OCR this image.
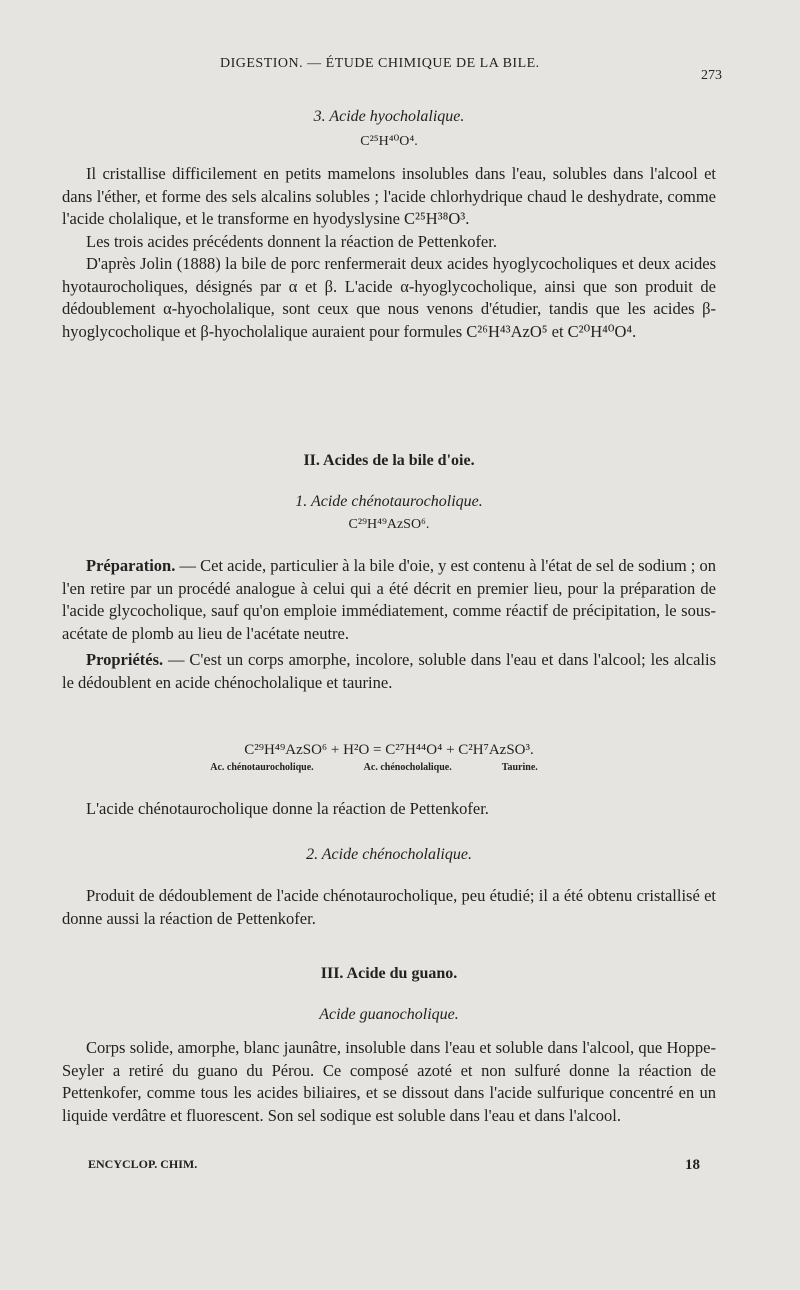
DIGESTION. — ÉTUDE CHIMIQUE DE LA BILE.
273
3. Acide hyocholalique.
C²⁵H⁴⁰O⁴.

Il cristallise difficilement en petits mamelons insolubles dans l'eau, solubles dans l'alcool et dans l'éther, et forme des sels alcalins solubles ; l'acide chlorhydrique chaud le deshydrate, comme l'acide cholalique, et le transforme en hyodyslysine C²⁵H³⁸O³.

Les trois acides précédents donnent la réaction de Pettenkofer.

D'après Jolin (1888) la bile de porc renfermerait deux acides hyoglycocholiques et deux acides hyotaurocholiques, désignés par α et β. L'acide α-hyoglycocholique, ainsi que son produit de dédoublement α-hyocholalique, sont ceux que nous venons d'étudier, tandis que les acides β-hyoglycocholique et β-hyocholalique auraient pour formules C²⁶H⁴³AzO⁵ et C²⁰H⁴⁰O⁴.

II. Acides de la bile d'oie.
1. Acide chénotaurocholique.
C²⁹H⁴⁹AzSO⁶.

Préparation. — Cet acide, particulier à la bile d'oie, y est contenu à l'état de sel de sodium ; on l'en retire par un procédé analogue à celui qui a été décrit en premier lieu, pour la préparation de l'acide glycocholique, sauf qu'on emploie immédiatement, comme réactif de précipitation, le sous-acétate de plomb au lieu de l'acétate neutre.

Propriétés. — C'est un corps amorphe, incolore, soluble dans l'eau et dans l'alcool; les alcalis le dédoublent en acide chénocholalique et taurine.

C²⁹H⁴⁹AzSO⁶ + H²O = C²⁷H⁴⁴O⁴ + C²H⁷AzSO³.
Ac. chénotaurocholique.	Ac. chénocholalique.	Taurine.

L'acide chénotaurocholique donne la réaction de Pettenkofer.

2. Acide chénocholalique.

Produit de dédoublement de l'acide chénotaurocholique, peu étudié; il a été obtenu cristallisé et donne aussi la réaction de Pettenkofer.

III. Acide du guano.
Acide guanocholique.

Corps solide, amorphe, blanc jaunâtre, insoluble dans l'eau et soluble dans l'alcool, que Hoppe-Seyler a retiré du guano du Pérou. Ce composé azoté et non sulfuré donne la réaction de Pettenkofer, comme tous les acides biliaires, et se dissout dans l'acide sulfurique concentré en un liquide verdâtre et fluorescent. Son sel sodique est soluble dans l'eau et dans l'alcool.

ENCYCLOP. CHIM.	18
